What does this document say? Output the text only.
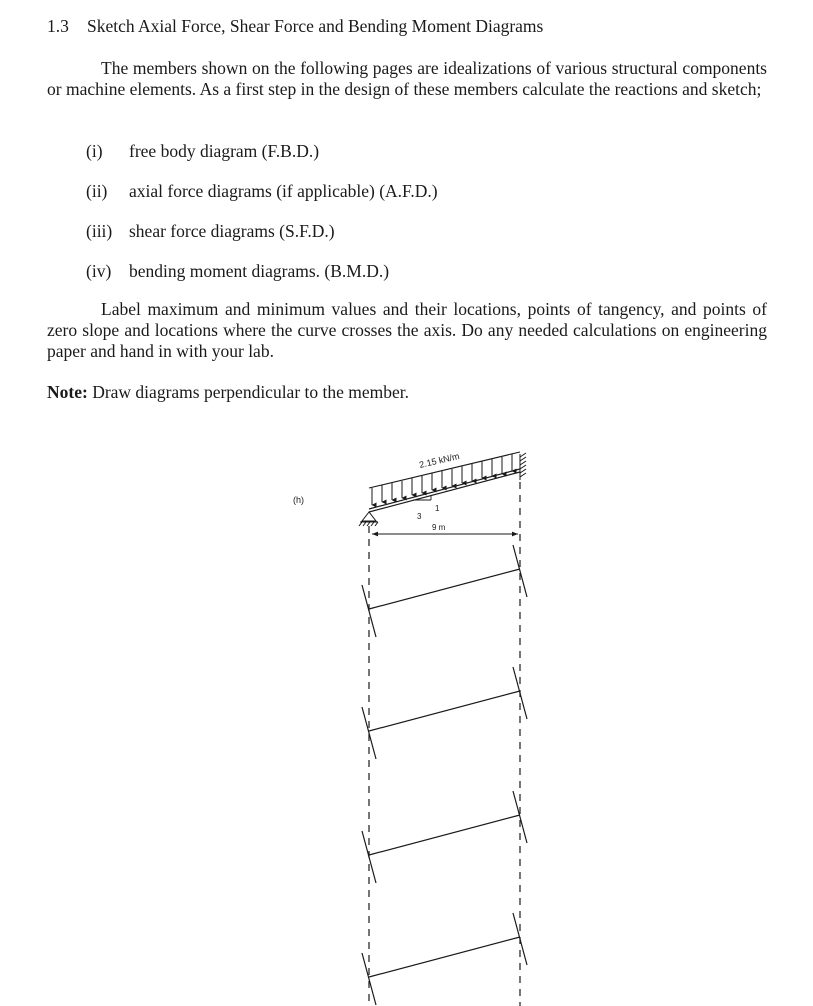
1.3 Sketch Axial Force, Shear Force and Bending Moment Diagrams
The members shown on the following pages are idealizations of various structural components or machine elements. As a first step in the design of these members calculate the reactions and sketch;
(i) free body diagram (F.B.D.)
(ii) axial force diagrams (if applicable) (A.F.D.)
(iii) shear force diagrams (S.F.D.)
(iv) bending moment diagrams. (B.M.D.)
Label maximum and minimum values and their locations, points of tangency, and points of zero slope and locations where the curve crosses the axis. Do any needed calculations on engineering paper and hand in with your lab.
Note: Draw diagrams perpendicular to the member.
(h)
2.15 kN/m
1
3
9 m
